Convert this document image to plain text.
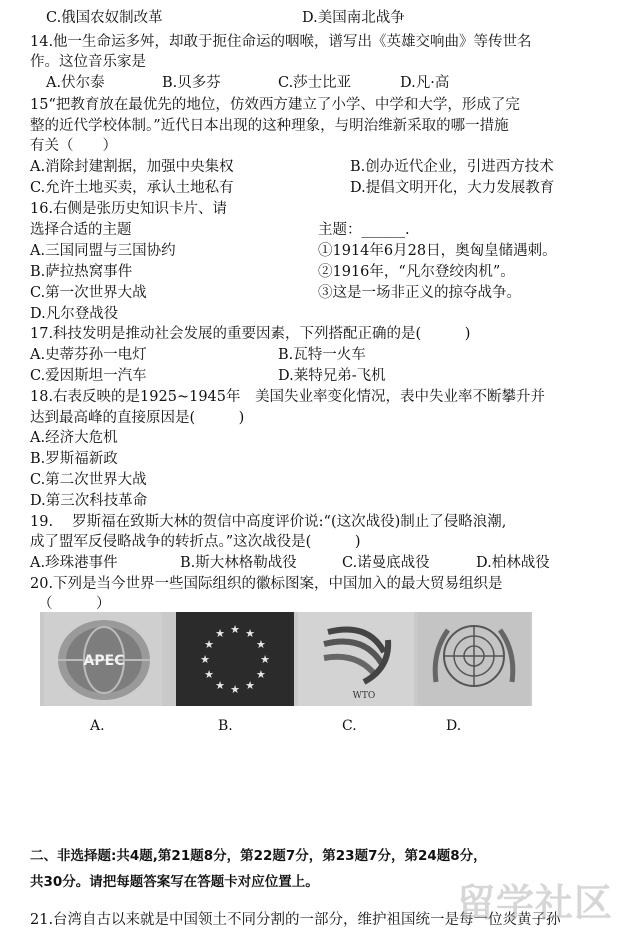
C.俄国农奴制改革	D.美国南北战争
14.他一生命运多舛，却敢于扼住命运的咽喉，谱写出《英雄交响曲》等传世名
作。这位音乐家是
A.伏尔泰	B.贝多芬	C.莎士比亚	D.凡·高
15“把教育放在最优先的地位，仿效西方建立了小学、中学和大学，形成了完
整的近代学校体制。”近代日本出现的这种理象，与明治维新采取的哪一措施
有关（　　）
A.消除封建割据，加强中央集权	B.创办近代企业，引进西方技术
C.允许土地买卖，承认土地私有	D.提倡文明开化，大力发展教育
16.右侧是张历史知识卡片、请
选择合适的主题	主题：______.
A.三国同盟与三国协约	①1914年6月28日，奥匈皇储遇刺。
B.萨拉热窝事件	②1916年，“凡尔登绞肉机”。
C.第一次世界大战	③这是一场非正义的掠夺战争。
D.凡尔登战役
17.科技发明是推动社会发展的重要因素，下列搭配正确的是(　　　)
A.史蒂芬孙一电灯	B.瓦特一火车
C.爱因斯坦一汽车	D.莱特兄弟-飞机
18.右表反映的是1925~1945年　美国失业率变化情况，表中失业率不断攀升并
达到最高峰的直接原因是(　　　)
A.经济大危机
B.罗斯福新政
C.第二次世界大战
D.第三次科技革命
19.　 罗斯福在致斯大林的贺信中高度评价说:“(这次战役)制止了侵略浪潮,
成了盟军反侵略战争的转折点。”这次战役是(　　　)
A.珍珠港事件	B.斯大林格勒战役	C.诺曼底战役	D.柏林战役
20.下列是当今世界一些国际组织的徽标图案，中国加入的最大贸易组织是
（　　　）
APEC	★
★
★
★
★
★
★
★
★ ★ ★
★
WTO
A.	B.	C.	D.
二、非选择题:共4题,第21题8分，第22题7分，第23题7分，第24题8分，
共30分。请把每题答案写在答题卡对应位置上。
21.台湾自古以来就是中国领土不同分割的一部分，维护祖国统一是每一位炎黄子孙
留学社区
